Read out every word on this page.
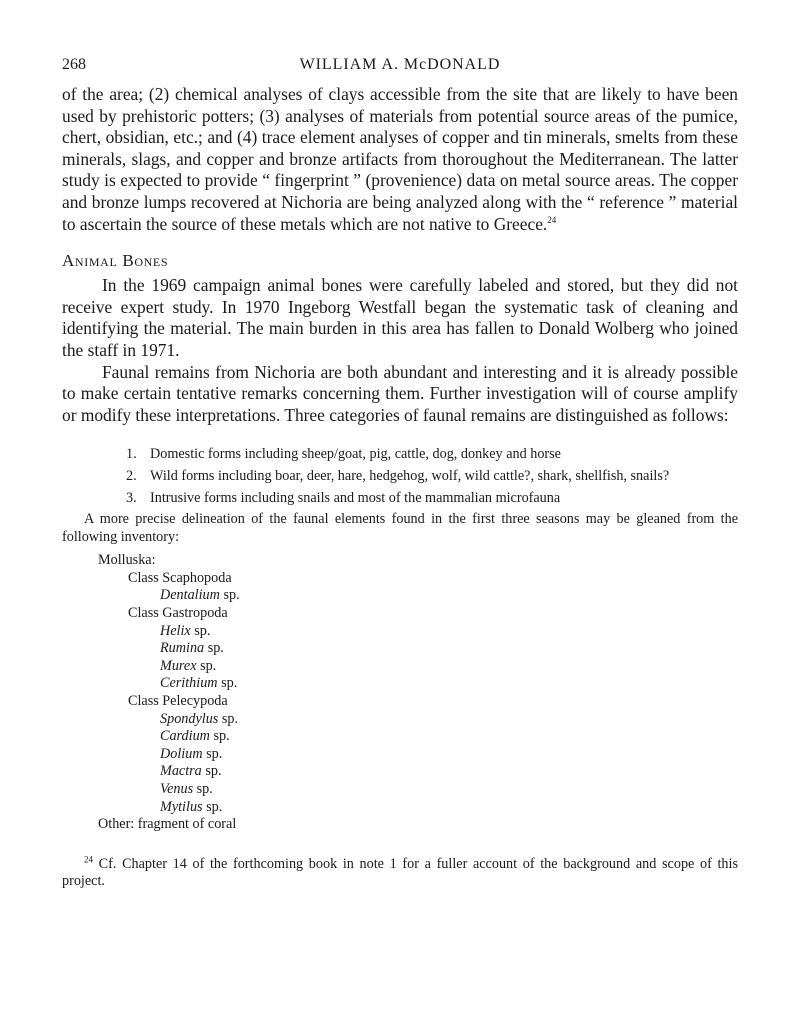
268	WILLIAM A. McDONALD

of the area; (2) chemical analyses of clays accessible from the site that are likely to have been used by prehistoric potters; (3) analyses of materials from potential source areas of the pumice, chert, obsidian, etc.; and (4) trace element analyses of copper and tin minerals, smelts from these minerals, slags, and copper and bronze artifacts from thoroughout the Mediterranean. The latter study is expected to provide “ fingerprint ” (provenience) data on metal source areas. The copper and bronze lumps recovered at Nichoria are being analyzed along with the “ reference ” material to ascertain the source of these metals which are not native to Greece.$^{24}$

Animal Bones

In the 1969 campaign animal bones were carefully labeled and stored, but they did not receive expert study. In 1970 Ingeborg Westfall began the systematic task of cleaning and identifying the material. The main burden in this area has fallen to Donald Wolberg who joined the staff in 1971.

Faunal remains from Nichoria are both abundant and interesting and it is already possible to make certain tentative remarks concerning them. Further investigation will of course amplify or modify these interpretations. Three categories of faunal remains are distinguished as follows:

1. Domestic forms including sheep/goat, pig, cattle, dog, donkey and horse
2. Wild forms including boar, deer, hare, hedgehog, wolf, wild cattle?, shark, shellfish, snails?
3. Intrusive forms including snails and most of the mammalian microfauna

A more precise delineation of the faunal elements found in the first three seasons may be gleaned from the following inventory:

Molluska:
Class Scaphopoda
Dentalium sp.
Class Gastropoda
Helix sp.
Rumina sp.
Murex sp.
Cerithium sp.
Class Pelecypoda
Spondylus sp.
Cardium sp.
Dolium sp.
Mactra sp.
Venus sp.
Mytilus sp.
Other: fragment of coral

$^{24}$ Cf. Chapter 14 of the forthcoming book in note 1 for a fuller account of the background and scope of this project.
